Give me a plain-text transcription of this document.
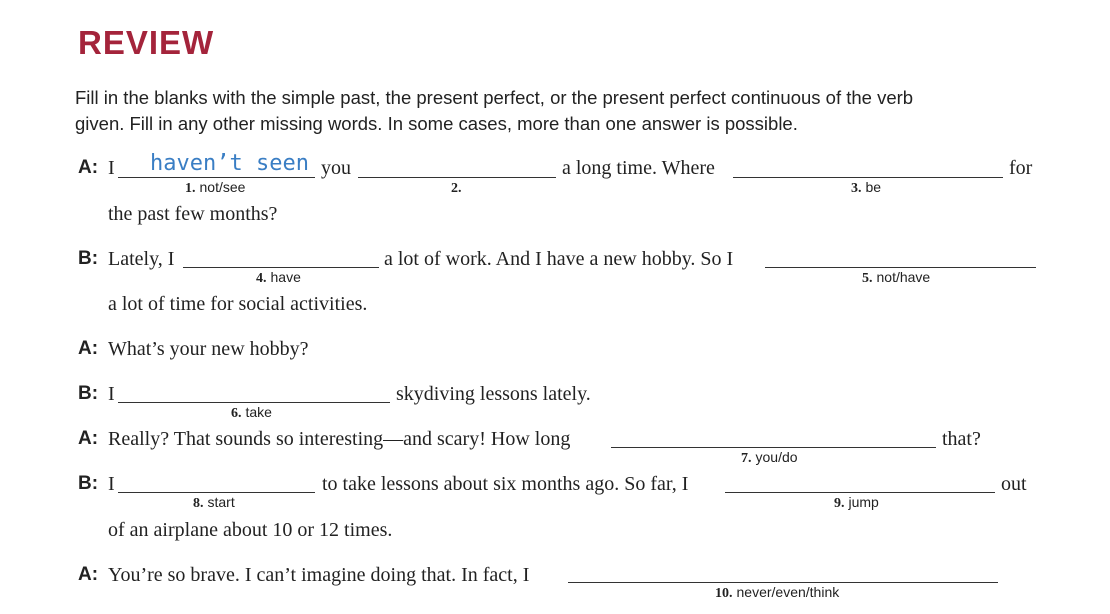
REVIEW
Fill in the blanks with the simple past, the present perfect, or the present perfect continuous of the verb
given. Fill in any other missing words. In some cases, more than one answer is possible.
A: I haven’t seen
1. not/see
you
2.
a long time. Where
3. be
for
the past few months?
B: Lately, I
4. have
a lot of work. And I have a new hobby. So I
5. not/have
a lot of time for social activities.
A: What’s your new hobby?
B: I
6. take
skydiving lessons lately.
A: Really? That sounds so interesting—and scary! How long
7. you/do
that?
B: I
8. start
to take lessons about six months ago. So far, I
9. jump
out
of an airplane about 10 or 12 times.
A: You’re so brave. I can’t imagine doing that. In fact, I
10. never/even/think
